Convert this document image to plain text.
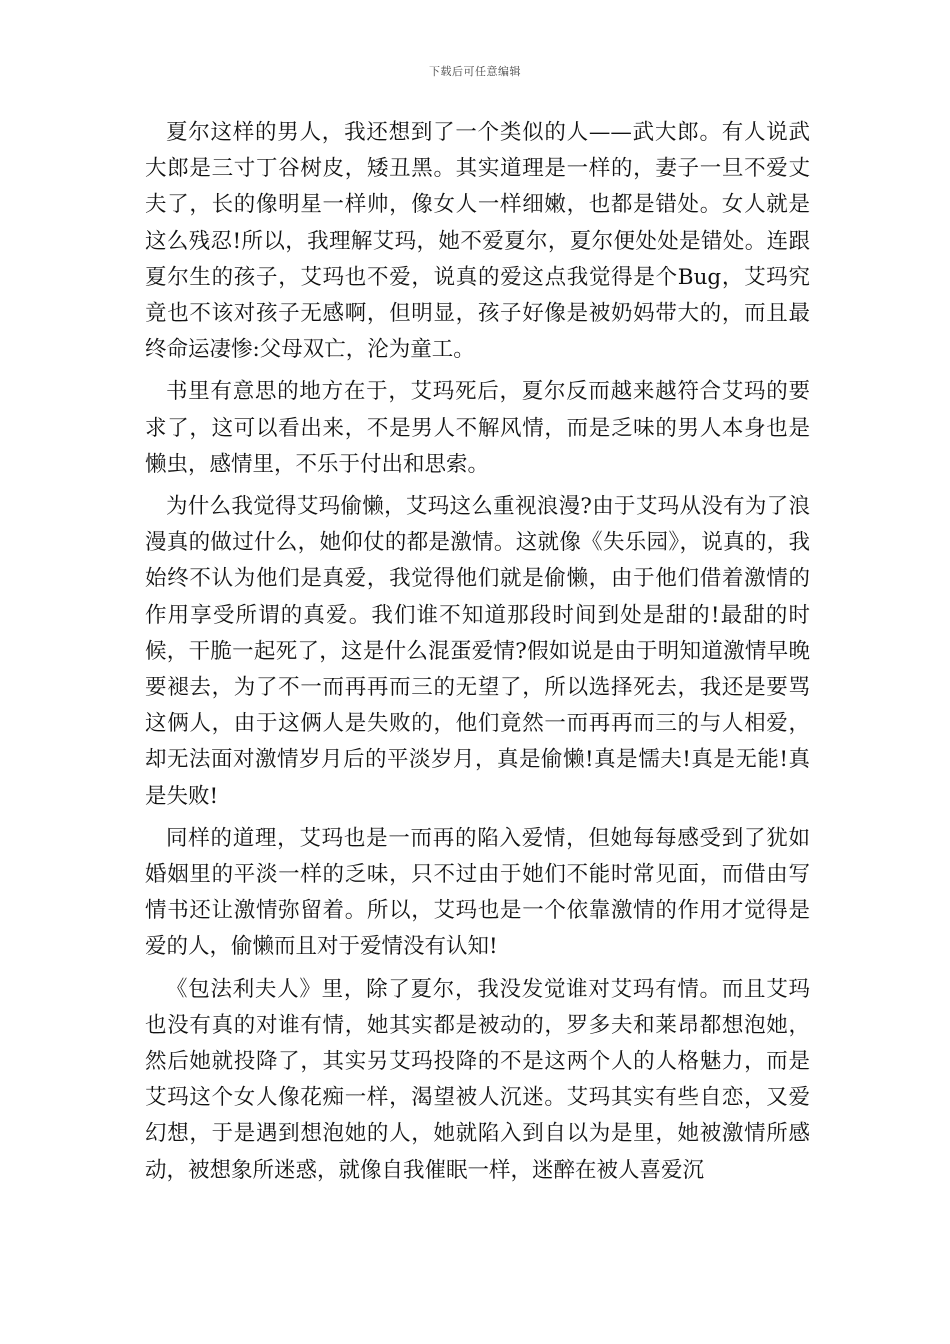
下载后可任意编辑

夏尔这样的男人，我还想到了一个类似的人——武大郎。有人说武大郎是三寸丁谷树皮，矮丑黑。其实道理是一样的，妻子一旦不爱丈夫了，长的像明星一样帅，像女人一样细嫩，也都是错处。女人就是这么残忍!所以，我理解艾玛，她不爱夏尔，夏尔便处处是错处。连跟夏尔生的孩子，艾玛也不爱，说真的爱这点我觉得是个Bug，艾玛究竟也不该对孩子无感啊，但明显，孩子好像是被奶妈带大的，而且最终命运凄惨:父母双亡，沦为童工。

书里有意思的地方在于，艾玛死后，夏尔反而越来越符合艾玛的要求了，这可以看出来，不是男人不解风情，而是乏味的男人本身也是懒虫，感情里，不乐于付出和思索。

为什么我觉得艾玛偷懒，艾玛这么重视浪漫?由于艾玛从没有为了浪漫真的做过什么，她仰仗的都是激情。这就像《失乐园》，说真的，我始终不认为他们是真爱，我觉得他们就是偷懒，由于他们借着激情的作用享受所谓的真爱。我们谁不知道那段时间到处是甜的!最甜的时候，干脆一起死了，这是什么混蛋爱情?假如说是由于明知道激情早晚要褪去，为了不一而再再而三的无望了，所以选择死去，我还是要骂这俩人，由于这俩人是失败的，他们竟然一而再再而三的与人相爱，却无法面对激情岁月后的平淡岁月，真是偷懒!真是懦夫!真是无能!真是失败!

同样的道理，艾玛也是一而再的陷入爱情，但她每每感受到了犹如婚姻里的平淡一样的乏味，只不过由于她们不能时常见面，而借由写情书还让激情弥留着。所以，艾玛也是一个依靠激情的作用才觉得是爱的人，偷懒而且对于爱情没有认知!

《包法利夫人》里，除了夏尔，我没发觉谁对艾玛有情。而且艾玛也没有真的对谁有情，她其实都是被动的，罗多夫和莱昂都想泡她，然后她就投降了，其实另艾玛投降的不是这两个人的人格魅力，而是艾玛这个女人像花痴一样，渴望被人沉迷。艾玛其实有些自恋，又爱幻想，于是遇到想泡她的人，她就陷入到自以为是里，她被激情所感动，被想象所迷惑，就像自我催眠一样，迷醉在被人喜爱沉
